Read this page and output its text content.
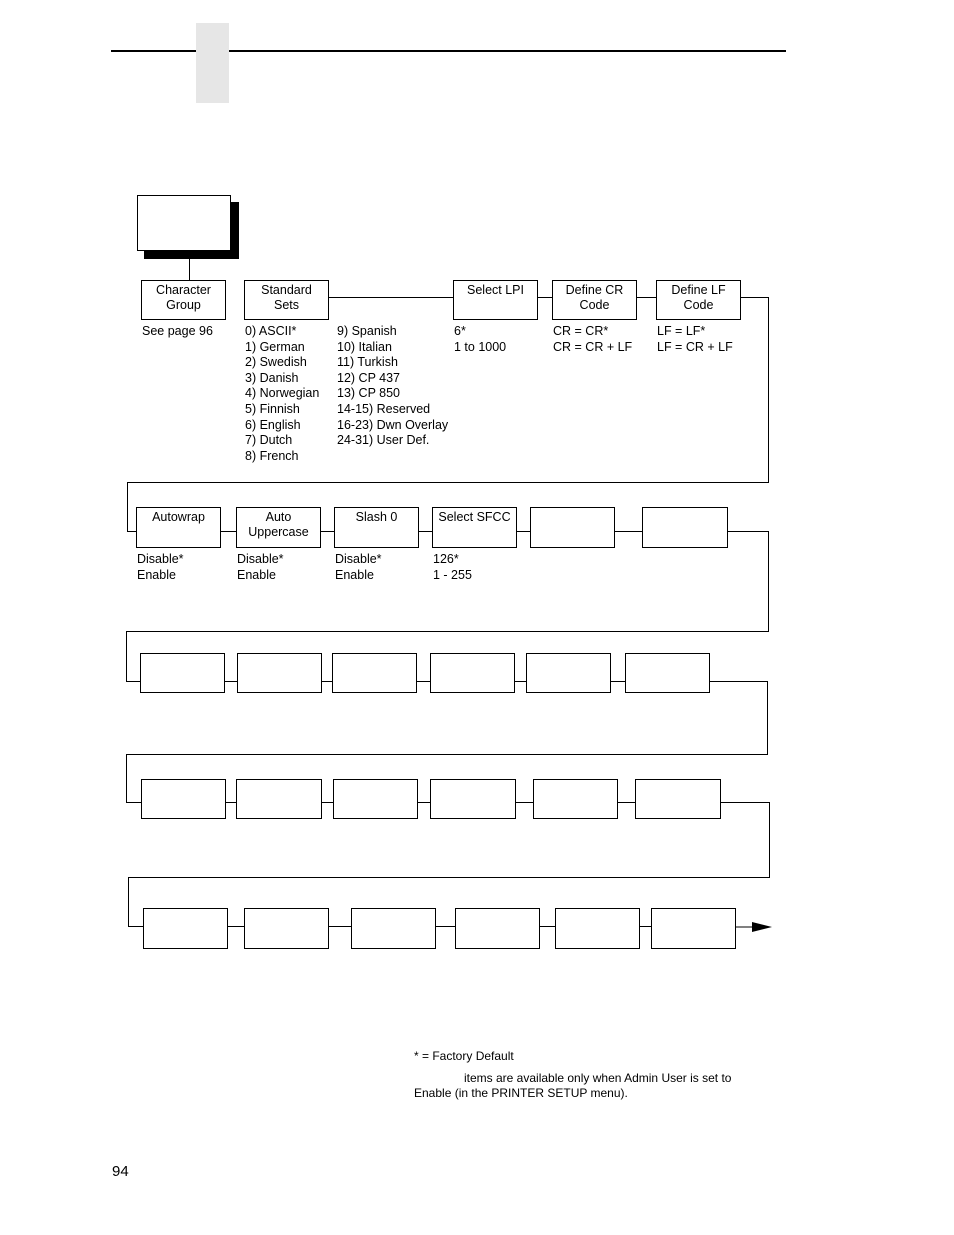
Character
Group
Standard
Sets
Select LPI	Define CR
Code
Define LF
Code
See page 96	0) ASCII*
1) German
2) Swedish
3) Danish
4) Norwegian
5) Finnish
6) English
7) Dutch
8) French
9) Spanish
10) Italian
11) Turkish
12) CP 437
13) CP 850
14-15) Reserved
16-23) Dwn Overlay
24-31) User Def.
6*
1 to 1000
CR = CR*
CR = CR + LF
LF = LF*
LF = CR + LF
Autowrap	Auto
Uppercase
Slash 0	Select SFCC
Disable*
Enable
Disable*
Enable
Disable*
Enable
126*
1 - 255
* = Factory Default
items are available only when Admin User is set to
Enable (in the PRINTER SETUP menu).
94
